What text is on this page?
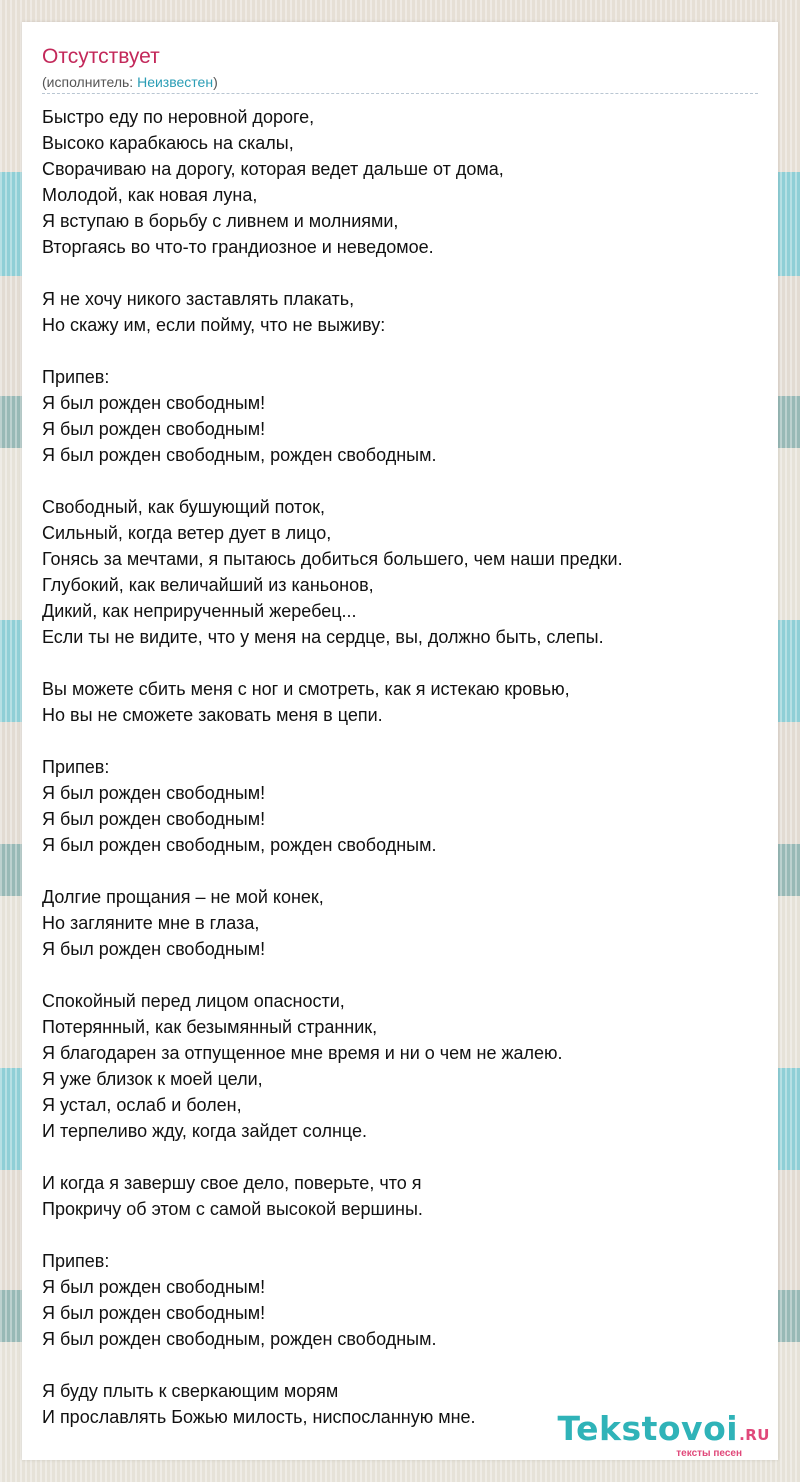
Отсутствует
(исполнитель: Неизвестен)
Быстро еду по неровной дороге,
Высоко карабкаюсь на скалы,
Сворачиваю на дорогу, которая ведет дальше от дома,
Молодой, как новая луна,
Я вступаю в борьбу с ливнем и молниями,
Вторгаясь во что-то грандиозное и неведомое.
Я не хочу никого заставлять плакать,
Но скажу им, если пойму, что не выживу:
Припев:
Я был рожден свободным!
Я был рожден свободным!
Я был рожден свободным, рожден свободным.
Свободный, как бушующий поток,
Сильный, когда ветер дует в лицо,
Гонясь за мечтами, я пытаюсь добиться большего, чем наши предки.
Глубокий, как величайший из каньонов,
Дикий, как неприрученный жеребец...
Если ты не видите, что у меня на сердце, вы, должно быть, слепы.
Вы можете сбить меня с ног и смотреть, как я истекаю кровью,
Но вы не сможете заковать меня в цепи.
Припев:
Я был рожден свободным!
Я был рожден свободным!
Я был рожден свободным, рожден свободным.
Долгие прощания – не мой конек,
Но загляните мне в глаза,
Я был рожден свободным!
Спокойный перед лицом опасности,
Потерянный, как безымянный странник,
Я благодарен за отпущенное мне время и ни о чем не жалею.
Я уже близок к моей цели,
Я устал, ослаб и болен,
И терпеливо жду, когда зайдет солнце.
И когда я завершу свое дело, поверьте, что я
Прокричу об этом с самой высокой вершины.
Припев:
Я был рожден свободным!
Я был рожден свободным!
Я был рожден свободным, рожден свободным.
Я буду плыть к сверкающим морям
И прославлять Божью милость, ниспосланную мне.	Tekstovoi.RU
тексты песен
